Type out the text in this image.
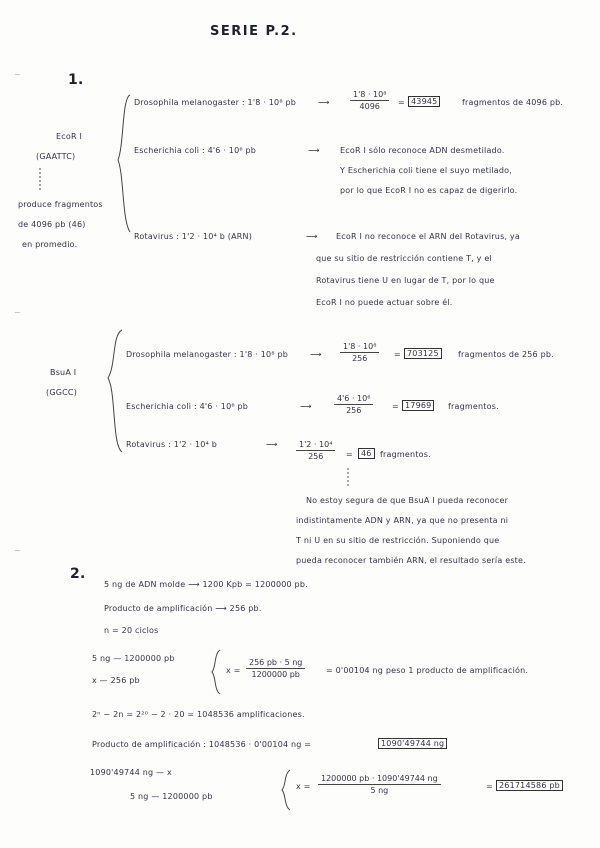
SERIE P.2.
1.
EcoR I
(GAATTC)
produce fragmentos
de 4096 pb (46)
en promedio.
Drosophila melanogaster : 1'8 · 10⁸ pb	⟶
1'8 · 10⁸
4096	= 43945	fragmentos de 4096 pb.
Escherichia coli : 4'6 · 10⁶ pb	⟶	EcoR I sólo reconoce ADN desmetilado.
Y Escherichia coli tiene el suyo metilado,
por lo que EcoR I no es capaz de digerirlo.
Rotavirus : 1'2 · 10⁴ b (ARN)	⟶ EcoR I no reconoce el ARN del Rotavirus, ya
que su sitio de restricción contiene T, y el
Rotavirus tiene U en lugar de T, por lo que
EcoR I no puede actuar sobre él.
BsuA I
(GGCC)
Drosophila melanogaster : 1'8 · 10⁸ pb	⟶
1'8 · 10⁸
256	= 703125	fragmentos de 256 pb.
Escherichia coli : 4'6 · 10⁶ pb	⟶
4'6 · 10⁶
256	= 17969	fragmentos.
Rotavirus : 1'2 · 10⁴ b	⟶	1'2 · 10⁴
256	=	46	fragmentos.
No estoy segura de que BsuA I pueda reconocer
indistintamente ADN y ARN, ya que no presenta ni
T ni U en su sitio de restricción. Suponiendo que
pueda reconocer también ARN, el resultado sería este.
2.
5 ng de ADN molde ⟶ 1200 Kpb = 1200000 pb.
Producto de amplificación ⟶ 256 pb.
n = 20 ciclos
5 ng — 1200000 pb
x — 256 pb
x =
256 pb · 5 ng
1200000 pb	= 0'00104 ng peso 1 producto de amplificación.
2ⁿ − 2n = 2²⁰ − 2 · 20 = 1048536 amplificaciones.
Producto de amplificación : 1048536 · 0'00104 ng =	1090'49744 ng
1090'49744 ng — x
5 ng — 1200000 pb
x =
1200000 pb · 1090'49744 ng
5 ng	= 261714586 pb
~
~
~
